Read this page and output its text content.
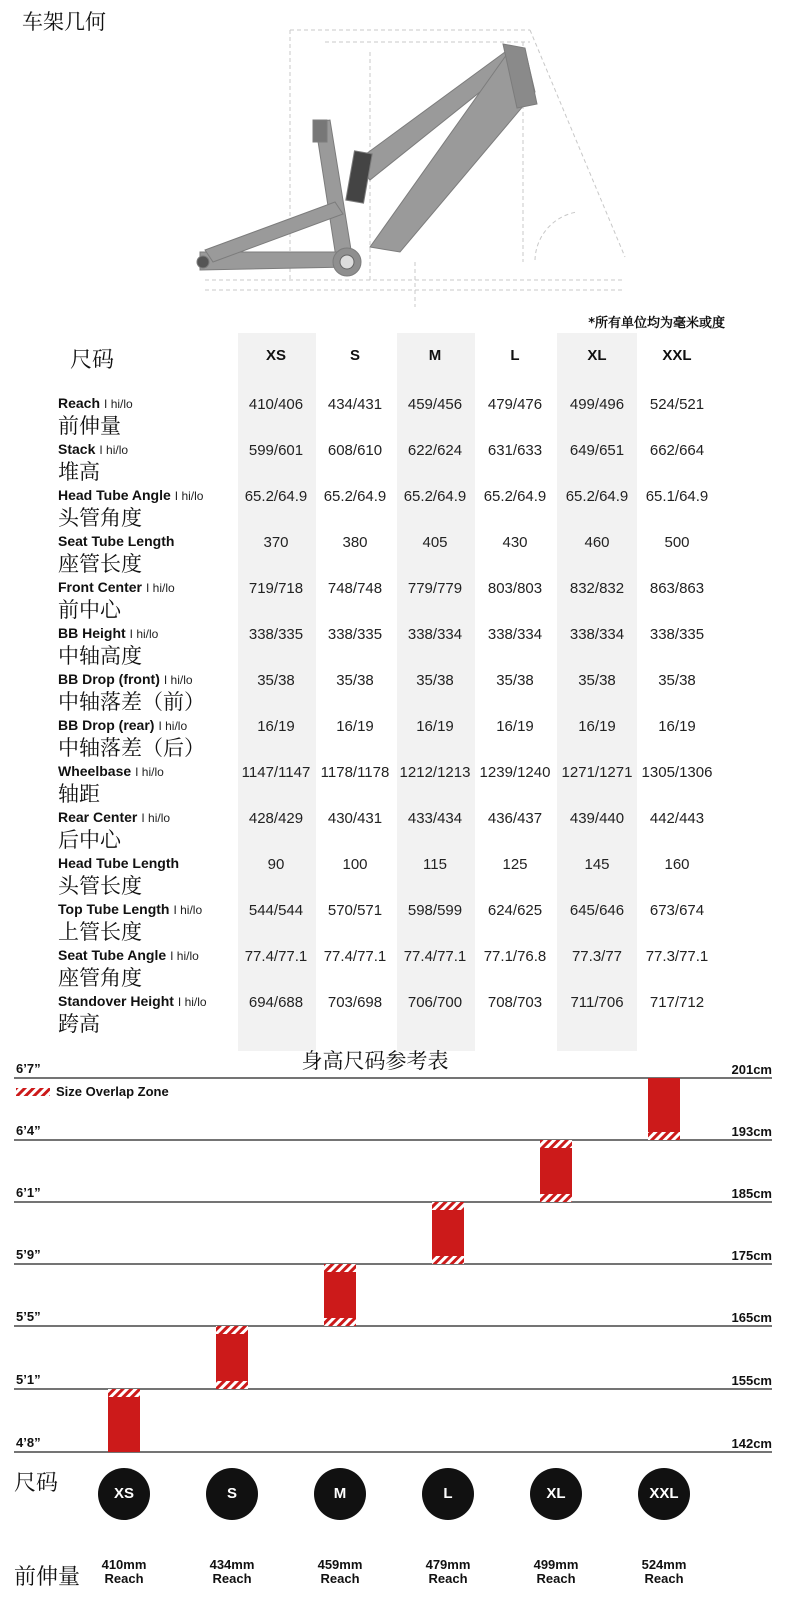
车架几何
*所有单位均为毫米或度
尺码	XS	S	M	L	XL	XXL
Reach I hi/lo
前伸量
410/406	434/431	459/456	479/476	499/496	524/521
Stack I hi/lo
堆高
599/601	608/610	622/624	631/633	649/651	662/664
Head Tube Angle I hi/lo
头管角度
65.2/64.9	65.2/64.9	65.2/64.9	65.2/64.9	65.2/64.9	65.1/64.9
Seat Tube Length
座管长度
370	380	405	430	460	500
Front Center I hi/lo
前中心
719/718	748/748	779/779	803/803	832/832	863/863
BB Height I hi/lo
中轴高度
338/335	338/335	338/334	338/334	338/334	338/335
BB Drop (front) I hi/lo
中轴落差（前）
35/38	35/38	35/38	35/38	35/38	35/38
BB Drop (rear) I hi/lo
中轴落差（后）
16/19	16/19	16/19	16/19	16/19	16/19
Wheelbase I hi/lo
轴距
1147/1147 1178/1178 1212/1213 1239/1240 1271/1271 1305/1306
Rear Center I hi/lo
后中心
428/429	430/431	433/434	436/437	439/440	442/443
Head Tube Length
头管长度
90	100	115	125	145	160
Top Tube Length I hi/lo
上管长度
544/544	570/571	598/599	624/625	645/646	673/674
Seat Tube Angle I hi/lo
座管角度
77.4/77.1	77.4/77.1	77.4/77.1	77.1/76.8	77.3/77	77.3/77.1
Standover Height I hi/lo
跨高
694/688	703/698	706/700	708/703	711/706	717/712
身高尺码参考表
Size Overlap Zone
6’7”	201cm
6’4”	193cm
6’1”	185cm
5’9”	175cm
5’5”	165cm
5’1”	155cm
4’8”	142cm
尺码
前伸量
XS
410mm
Reach
S
434mm
Reach
M
459mm
Reach
L
479mm
Reach
XL
499mm
Reach
XXL
524mm
Reach
